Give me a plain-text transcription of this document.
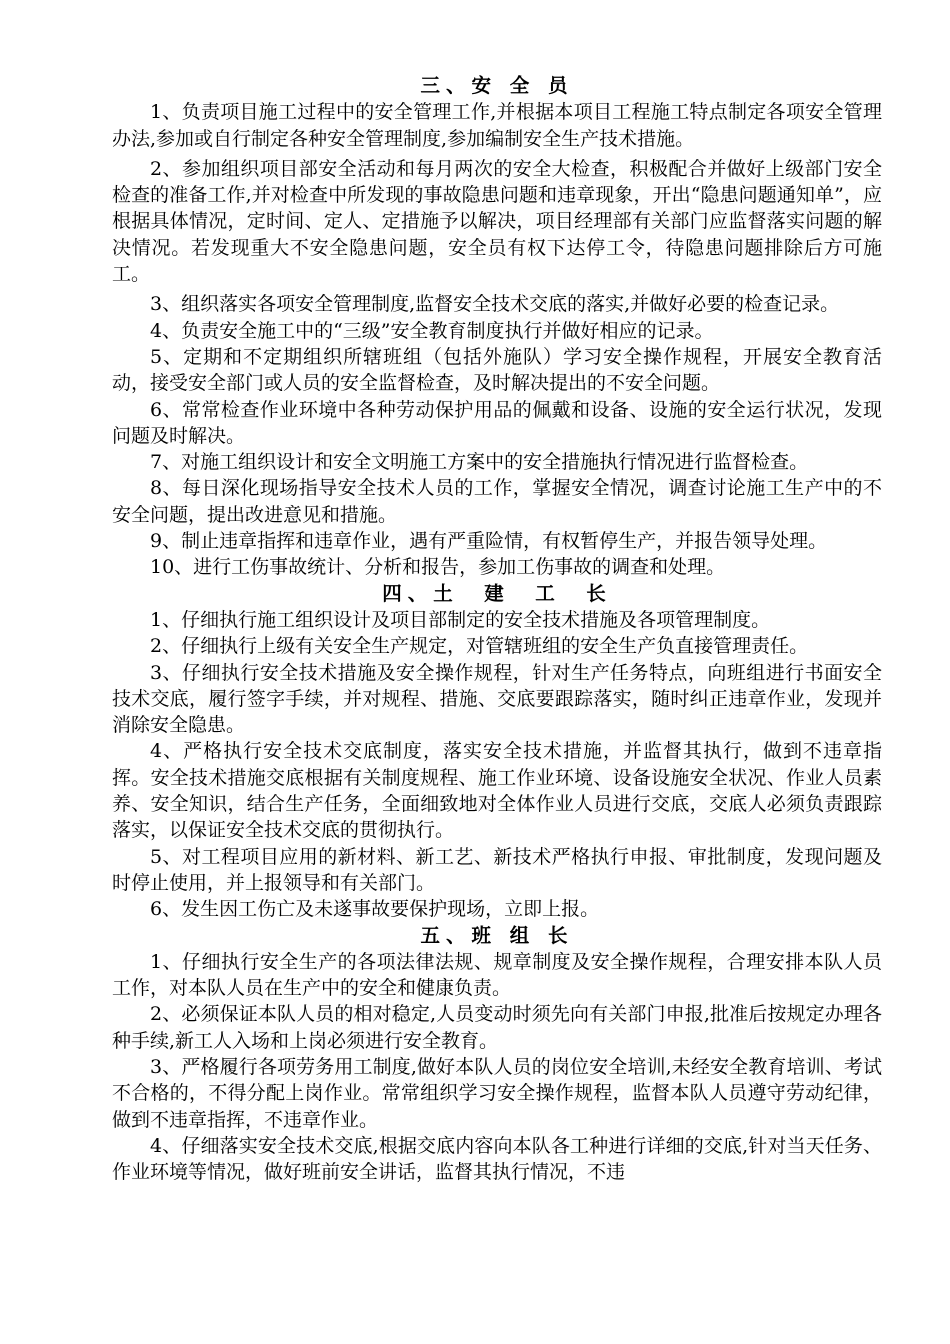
三、安 全 员

1、负责项目施工过程中的安全管理工作,并根据本项目工程施工特点制定各项安全管理办法,参加或自行制定各种安全管理制度,参加编制安全生产技术措施。

2、参加组织项目部安全活动和每月两次的安全大检查，积极配合并做好上级部门安全检查的准备工作,并对检查中所发现的事故隐患问题和违章现象，开出“隐患问题通知单”，应根据具体情况，定时间、定人、定措施予以解决，项目经理部有关部门应监督落实问题的解决情况。若发现重大不安全隐患问题，安全员有权下达停工令，待隐患问题排除后方可施工。

3、组织落实各项安全管理制度,监督安全技术交底的落实,并做好必要的检查记录。

4、负责安全施工中的“三级”安全教育制度执行并做好相应的记录。

5、定期和不定期组织所辖班组（包括外施队）学习安全操作规程，开展安全教育活动，接受安全部门或人员的安全监督检查，及时解决提出的不安全问题。

6、常常检查作业环境中各种劳动保护用品的佩戴和设备、设施的安全运行状况，发现问题及时解决。

7、对施工组织设计和安全文明施工方案中的安全措施执行情况进行监督检查。

8、每日深化现场指导安全技术人员的工作，掌握安全情况，调查讨论施工生产中的不安全问题，提出改进意见和措施。

9、制止违章指挥和违章作业，遇有严重险情，有权暂停生产，并报告领导处理。

10、进行工伤事故统计、分析和报告，参加工伤事故的调查和处理。

四、土　建　工　长

1、仔细执行施工组织设计及项目部制定的安全技术措施及各项管理制度。

2、仔细执行上级有关安全生产规定，对管辖班组的安全生产负直接管理责任。

3、仔细执行安全技术措施及安全操作规程，针对生产任务特点，向班组进行书面安全技术交底，履行签字手续，并对规程、措施、交底要跟踪落实，随时纠正违章作业，发现并消除安全隐患。

4、严格执行安全技术交底制度，落实安全技术措施，并监督其执行，做到不违章指挥。安全技术措施交底根据有关制度规程、施工作业环境、设备设施安全状况、作业人员素养、安全知识，结合生产任务，全面细致地对全体作业人员进行交底，交底人必须负责跟踪落实，以保证安全技术交底的贯彻执行。

5、对工程项目应用的新材料、新工艺、新技术严格执行申报、审批制度，发现问题及时停止使用，并上报领导和有关部门。

6、发生因工伤亡及未遂事故要保护现场，立即上报。

五、班 组 长

1、仔细执行安全生产的各项法律法规、规章制度及安全操作规程，合理安排本队人员工作，对本队人员在生产中的安全和健康负责。

2、必须保证本队人员的相对稳定,人员变动时须先向有关部门申报,批准后按规定办理各种手续,新工人入场和上岗必须进行安全教育。

3、严格履行各项劳务用工制度,做好本队人员的岗位安全培训,未经安全教育培训、考试不合格的，不得分配上岗作业。常常组织学习安全操作规程，监督本队人员遵守劳动纪律，做到不违章指挥，不违章作业。

4、仔细落实安全技术交底,根据交底内容向本队各工种进行详细的交底,针对当天任务、作业环境等情况，做好班前安全讲话，监督其执行情况，不违
